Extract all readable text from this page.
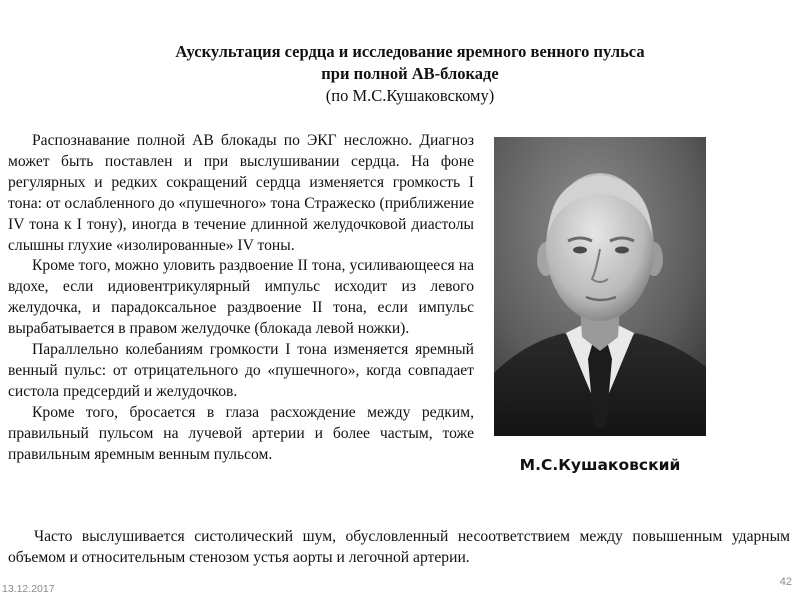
Аускультация сердца и исследование яремного венного пульса
при полной АВ-блокаде
(по М.С.Кушаковскому)

Распознавание полной АВ блокады по ЭКГ несложно. Диагноз может быть поставлен и при выслушивании сердца. На фоне регулярных и редких сокращений сердца изменяется громкость I тона: от ослабленного до «пушечного» тона Стражеско (приближение IV тона к I тону), иногда в течение длинной желудочковой диастолы слышны глухие «изолированные» IV тоны.

Кроме того, можно уловить раздвоение II тона, усиливающееся на вдохе, если идиовентрикулярный импульс исходит из левого желудочка, и парадоксальное раздвоение II тона, если импульс вырабатывается в правом желудочке (блокада левой ножки).

Параллельно колебаниям громкости I тона изменяется яремный венный пульс: от отрицательного до «пушечного», когда совпадает систола предсердий и желудочков.

Кроме того, бросается в глаза расхождение между редким, правильный пульсом на лучевой артерии и более частым, тоже правильным яремным венным пульсом.

М.С.Кушаковский

Часто выслушивается систолический шум, обусловленный несоответствием между повышенным ударным объемом и относительным стенозом устья аорты и легочной артерии.

13.12.2017
42
